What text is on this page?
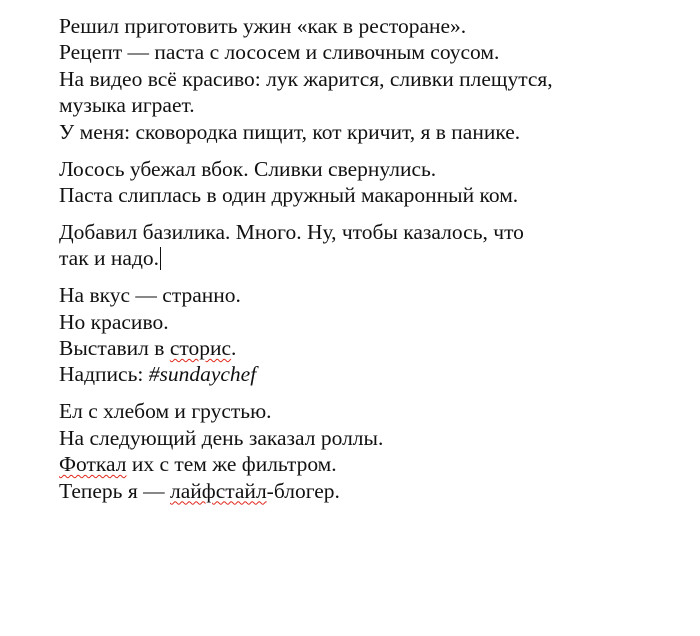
Решил приготовить ужин «как в ресторане».
Рецепт — паста с лососем и сливочным соусом.
На видео всё красиво: лук жарится, сливки плещутся,
музыка играет.
У меня: сковородка пищит, кот кричит, я в панике.

Лосось убежал вбок. Сливки свернулись.
Паста слиплась в один дружный макаронный ком.

Добавил базилика. Много. Ну, чтобы казалось, что
так и надо.

На вкус — странно.
Но красиво.
Выставил в сторис.
Надпись: #sundaychef

Ел с хлебом и грустью.
На следующий день заказал роллы.
Фоткал их с тем же фильтром.
Теперь я — лайфстайл-блогер.
